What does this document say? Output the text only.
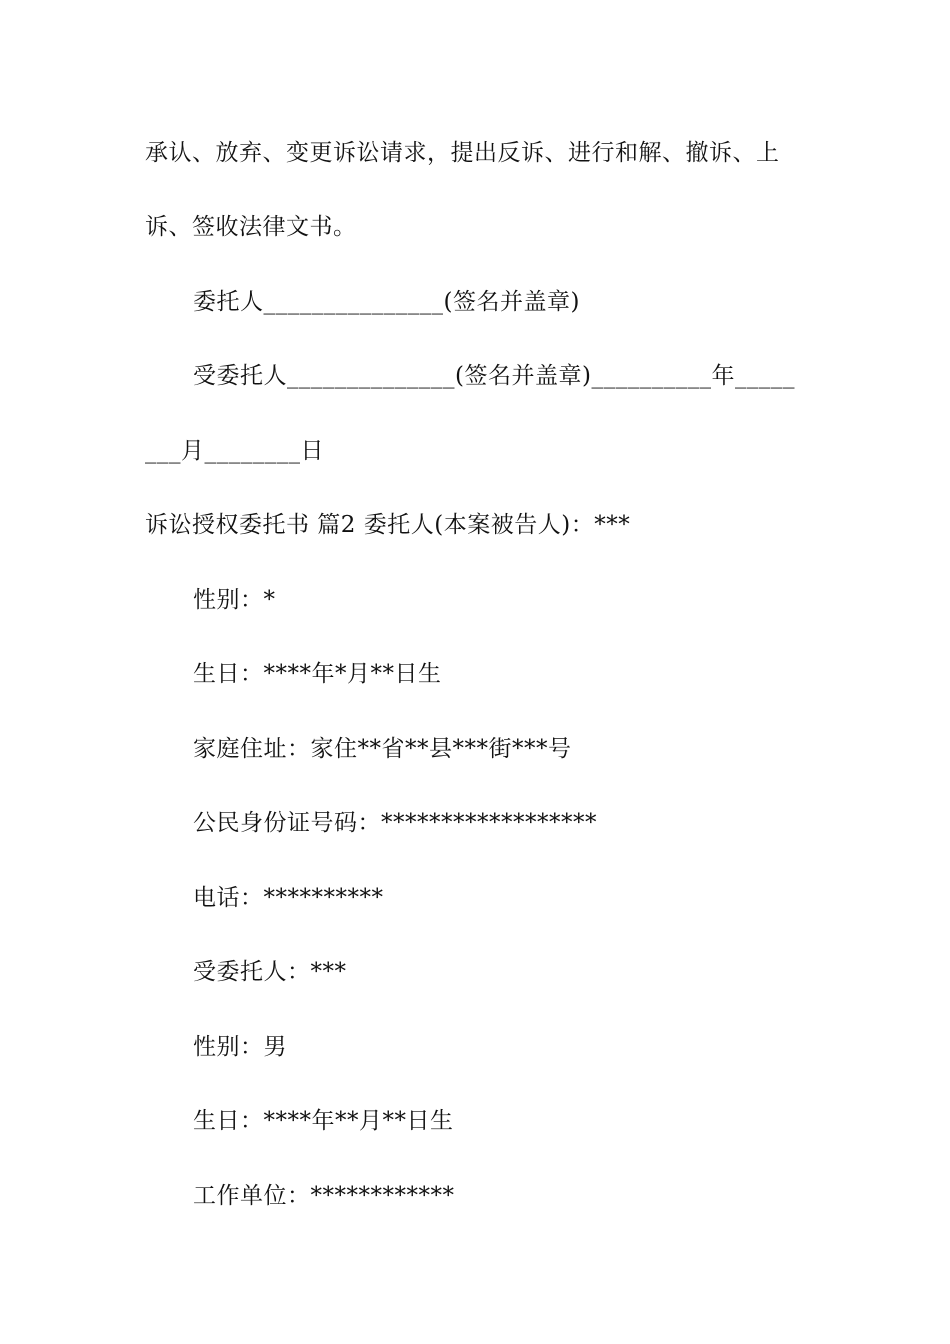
承认、放弃、变更诉讼请求，提出反诉、进行和解、撤诉、上
诉、签收法律文书。
委托人_______________(签名并盖章)
受委托人______________(签名并盖章)__________年_____
___月________日
诉讼授权委托书 篇2 委托人(本案被告人)：***
性别：*
生日：****年*月**日生
家庭住址：家住**省**县***街***号
公民身份证号码：******************
电话：**********
受委托人：***
性别：男
生日：****年**月**日生
工作单位：************
